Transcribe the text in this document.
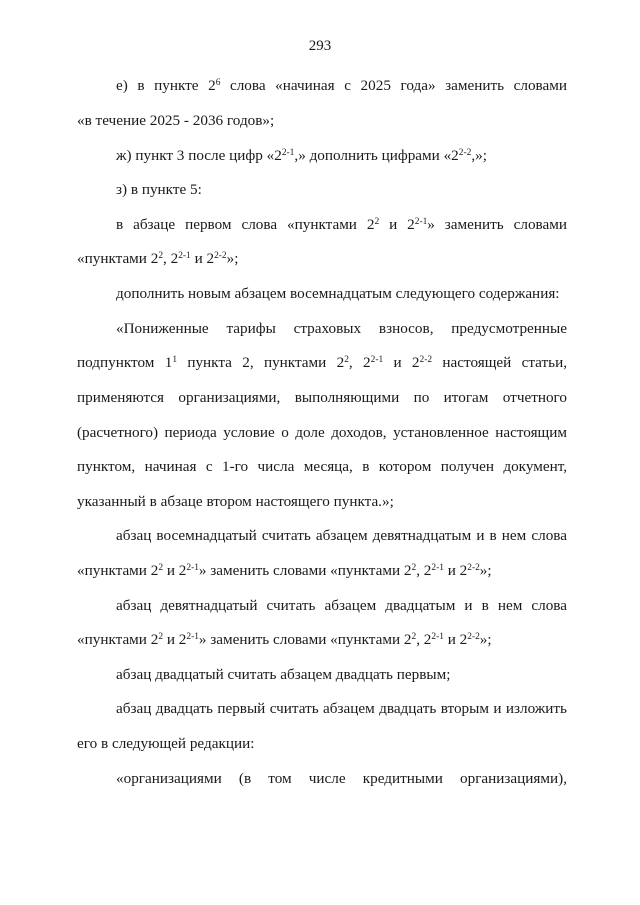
293
е) в пункте $2^6$ слова «начиная с 2025 года» заменить словами
«в течение 2025 - 2036 годов»;
ж) пункт 3 после цифр «2$^{2-1}$,» дополнить цифрами «2$^{2-2}$,»;
з) в пункте 5:
в абзаце первом слова «пунктами $2^2$ и 2$^{2-1}$» заменить словами
«пунктами $2^2$, 2$^{2-1}$ и 2$^{2-2}$»;
дополнить новым абзацем восемнадцатым следующего содержания:
«Пониженные тарифы страховых взносов, предусмотренные
подпунктом $1^1$ пункта 2, пунктами $2^2$, 2$^{2-1}$ и 2$^{2-2}$ настоящей статьи,
применяются организациями, выполняющими по итогам отчетного
(расчетного) периода условие о доле доходов, установленное настоящим
пунктом, начиная с 1-го числа месяца, в котором получен документ,
указанный в абзаце втором настоящего пункта.»;
абзац восемнадцатый считать абзацем девятнадцатым и в нем слова
«пунктами $2^2$ и 2$^{2-1}$» заменить словами «пунктами $2^2$, 2$^{2-1}$ и 2$^{2-2}$»;
абзац девятнадцатый считать абзацем двадцатым и в нем слова
«пунктами $2^2$ и 2$^{2-1}$» заменить словами «пунктами $2^2$, 2$^{2-1}$ и 2$^{2-2}$»;
абзац двадцатый считать абзацем двадцать первым;
абзац двадцать первый считать абзацем двадцать вторым и изложить
его в следующей редакции:
«организациями (в том числе кредитными организациями),
